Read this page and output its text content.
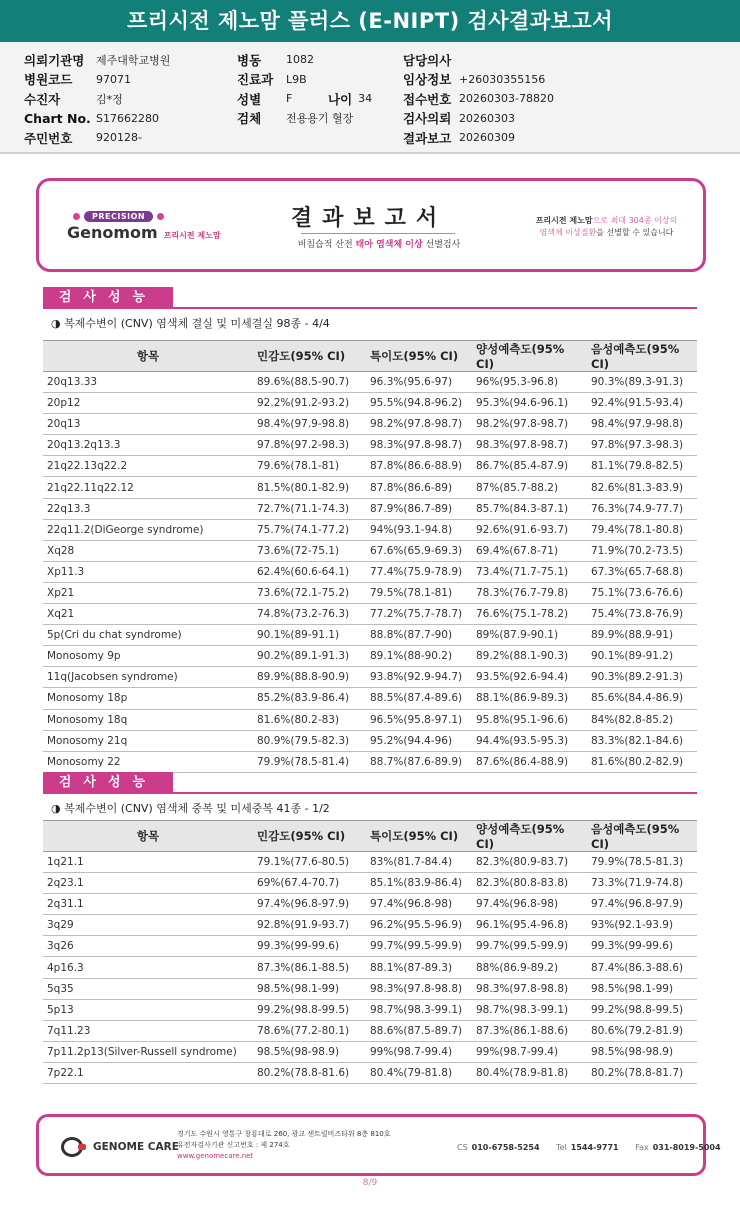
프리시전 제노맘 플러스 (E-NIPT) 검사결과보고서
의뢰기관명	제주대학교병원
병원코드	97071
수진자	김*정
Chart No. S17662280
주민번호	920128-
병동	1082
진료과	L9B
성별	F
검체	전용용기 혈장
담당의사
임상정보 +26030355156
접수번호 20260303-78820
검사의뢰 20260303
결과보고 20260309
나이 34
PRECISION
Genomom 프리시전 제노맘
결과보고서
비침습적 산전 태아 염색체 이상 선별검사
프리시전 제노맘으로 최대 304종 이상의
염색체 이상질환을 선별할 수 있습니다
검사성능
◑ 복제수변이 (CNV) 염색체 결실 및 미세결실 98종 - 4/4
항목	민감도(95% CI)	특이도(95% CI)	양성예측도(95% CI)	음성예측도(95% CI)
20q13.33	89.6%(88.5-90.7)	96.3%(95.6-97)	96%(95.3-96.8)	90.3%(89.3-91.3)
20p12	92.2%(91.2-93.2)	95.5%(94.8-96.2)	95.3%(94.6-96.1)	92.4%(91.5-93.4)
20q13	98.4%(97.9-98.8)	98.2%(97.8-98.7)	98.2%(97.8-98.7)	98.4%(97.9-98.8)
20q13.2q13.3	97.8%(97.2-98.3)	98.3%(97.8-98.7)	98.3%(97.8-98.7)	97.8%(97.3-98.3)
21q22.13q22.2	79.6%(78.1-81)	87.8%(86.6-88.9)	86.7%(85.4-87.9)	81.1%(79.8-82.5)
21q22.11q22.12	81.5%(80.1-82.9)	87.8%(86.6-89)	87%(85.7-88.2)	82.6%(81.3-83.9)
22q13.3	72.7%(71.1-74.3)	87.9%(86.7-89)	85.7%(84.3-87.1)	76.3%(74.9-77.7)
22q11.2(DiGeorge syndrome)	75.7%(74.1-77.2)	94%(93.1-94.8)	92.6%(91.6-93.7)	79.4%(78.1-80.8)
Xq28	73.6%(72-75.1)	67.6%(65.9-69.3)	69.4%(67.8-71)	71.9%(70.2-73.5)
Xp11.3	62.4%(60.6-64.1)	77.4%(75.9-78.9)	73.4%(71.7-75.1)	67.3%(65.7-68.8)
Xp21	73.6%(72.1-75.2)	79.5%(78.1-81)	78.3%(76.7-79.8)	75.1%(73.6-76.6)
Xq21	74.8%(73.2-76.3)	77.2%(75.7-78.7)	76.6%(75.1-78.2)	75.4%(73.8-76.9)
5p(Cri du chat syndrome)	90.1%(89-91.1)	88.8%(87.7-90)	89%(87.9-90.1)	89.9%(88.9-91)
Monosomy 9p	90.2%(89.1-91.3)	89.1%(88-90.2)	89.2%(88.1-90.3)	90.1%(89-91.2)
11q(Jacobsen syndrome)	89.9%(88.8-90.9)	93.8%(92.9-94.7)	93.5%(92.6-94.4)	90.3%(89.2-91.3)
Monosomy 18p	85.2%(83.9-86.4)	88.5%(87.4-89.6)	88.1%(86.9-89.3)	85.6%(84.4-86.9)
Monosomy 18q	81.6%(80.2-83)	96.5%(95.8-97.1)	95.8%(95.1-96.6)	84%(82.8-85.2)
Monosomy 21q	80.9%(79.5-82.3)	95.2%(94.4-96)	94.4%(93.5-95.3)	83.3%(82.1-84.6)
Monosomy 22	79.9%(78.5-81.4)	88.7%(87.6-89.9)	87.6%(86.4-88.9)	81.6%(80.2-82.9)
검사성능
◑ 복제수변이 (CNV) 염색체 중복 및 미세중복 41종 - 1/2
항목	민감도(95% CI)	특이도(95% CI)	양성예측도(95% CI)	음성예측도(95% CI)
1q21.1	79.1%(77.6-80.5)	83%(81.7-84.4)	82.3%(80.9-83.7)	79.9%(78.5-81.3)
2q23.1	69%(67.4-70.7)	85.1%(83.9-86.4)	82.3%(80.8-83.8)	73.3%(71.9-74.8)
2q31.1	97.4%(96.8-97.9)	97.4%(96.8-98)	97.4%(96.8-98)	97.4%(96.8-97.9)
3q29	92.8%(91.9-93.7)	96.2%(95.5-96.9)	96.1%(95.4-96.8)	93%(92.1-93.9)
3q26	99.3%(99-99.6)	99.7%(99.5-99.9)	99.7%(99.5-99.9)	99.3%(99-99.6)
4p16.3	87.3%(86.1-88.5)	88.1%(87-89.3)	88%(86.9-89.2)	87.4%(86.3-88.6)
5q35	98.5%(98.1-99)	98.3%(97.8-98.8)	98.3%(97.8-98.8)	98.5%(98.1-99)
5p13	99.2%(98.8-99.5)	98.7%(98.3-99.1)	98.7%(98.3-99.1)	99.2%(98.8-99.5)
7q11.23	78.6%(77.2-80.1)	88.6%(87.5-89.7)	87.3%(86.1-88.6)	80.6%(79.2-81.9)
7p11.2p13(Silver-Russell syndrome)	98.5%(98-98.9)	99%(98.7-99.4)	99%(98.7-99.4)	98.5%(98-98.9)
7p22.1	80.2%(78.8-81.6)	80.4%(79-81.8)	80.4%(78.9-81.8)	80.2%(78.8-81.7)
GENOME CARE
경기도 수원시 영통구 창룡대로 260, 광교 센트럴비즈타워 8층 810호
유전자검사기관 신고번호 : 제 274호
www.genomecare.net
CS 010-6758-5254 Tel 1544-9771 Fax 031-8019-5004
8/9
